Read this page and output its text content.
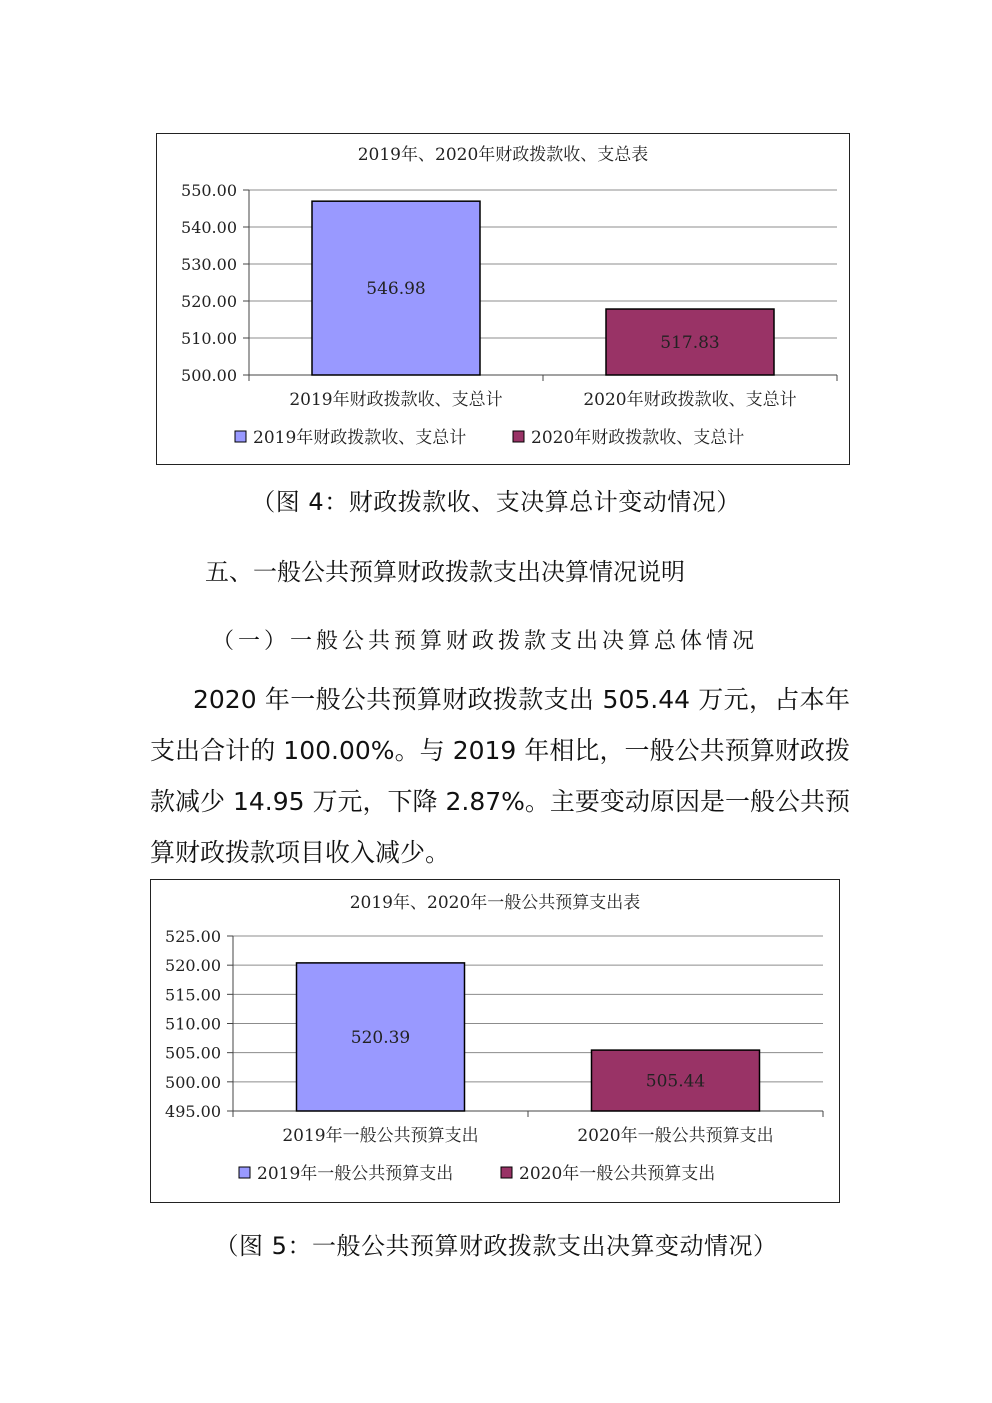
2019年、2020年财政拨款收、支总表
500.00
510.00
520.00
530.00
540.00
550.00
546.98
2019年财政拨款收、支总计
517.83
2020年财政拨款收、支总计
2019年财政拨款收、支总计	2020年财政拨款收、支总计
（图 4：财政拨款收、支决算总计变动情况）
五、一般公共预算财政拨款支出决算情况说明
（一）一般公共预算财政拨款支出决算总体情况

2020 年一般公共预算财政拨款支出 505.44 万元，占本年支出合计的 100.00%。与 2019 年相比，一般公共预算财政拨款减少 14.95 万元，下降 2.87%。主要变动原因是一般公共预算财政拨款项目收入减少。

2019年、2020年一般公共预算支出表
495.00
500.00
505.00
510.00
515.00
520.00
525.00
520.39
2019年一般公共预算支出
505.44
2020年一般公共预算支出
2019年一般公共预算支出	2020年一般公共预算支出
（图 5：一般公共预算财政拨款支出决算变动情况）
